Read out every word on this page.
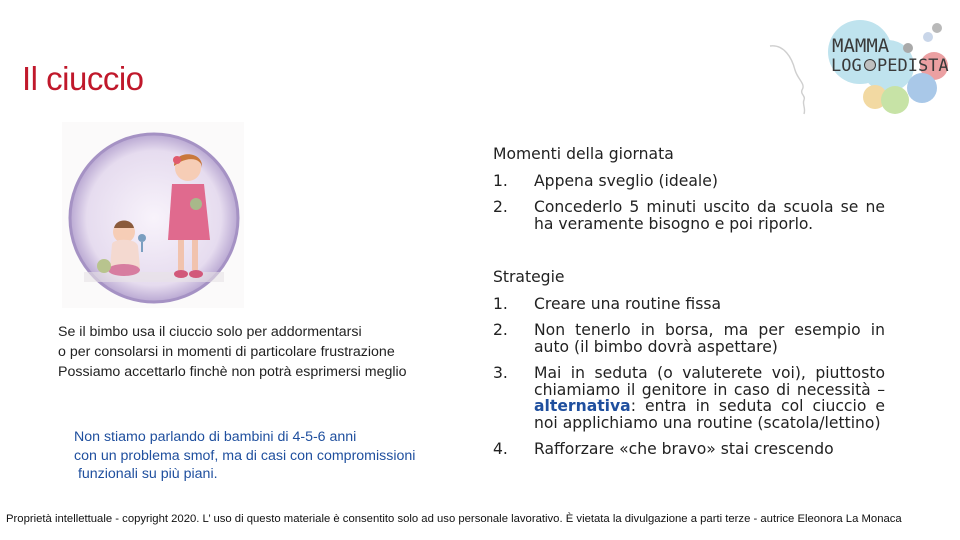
Il ciuccio
MAMMA
LOG PEDISTA
Se il bimbo usa il ciuccio solo per addormentarsi
o per consolarsi in momenti di particolare frustrazione
Possiamo accettarlo finchè non potrà esprimersi meglio
Non stiamo parlando di bambini di 4-5-6 anni
con un problema smof, ma di casi con compromissioni
funzionali su più piani.
Momenti della giornata
1.	Appena sveglio (ideale)
2.	Concederlo 5 minuti uscito da scuola se ne ha veramente bisogno e poi riporlo.
Strategie
1.	Creare una routine fissa
2.	Non tenerlo in borsa, ma per esempio in auto (il bimbo dovrà aspettare)
3.	Mai in seduta (o valuterete voi), piuttosto chiamiamo il genitore in caso di necessità – alternativa: entra in seduta col ciuccio e noi applichiamo una routine (scatola/lettino)
4.	Rafforzare «che bravo» stai crescendo
Proprietà intellettuale - copyright 2020. L’ uso di questo materiale è consentito solo ad uso personale lavorativo. È vietata la divulgazione a parti terze - autrice Eleonora La Monaca
